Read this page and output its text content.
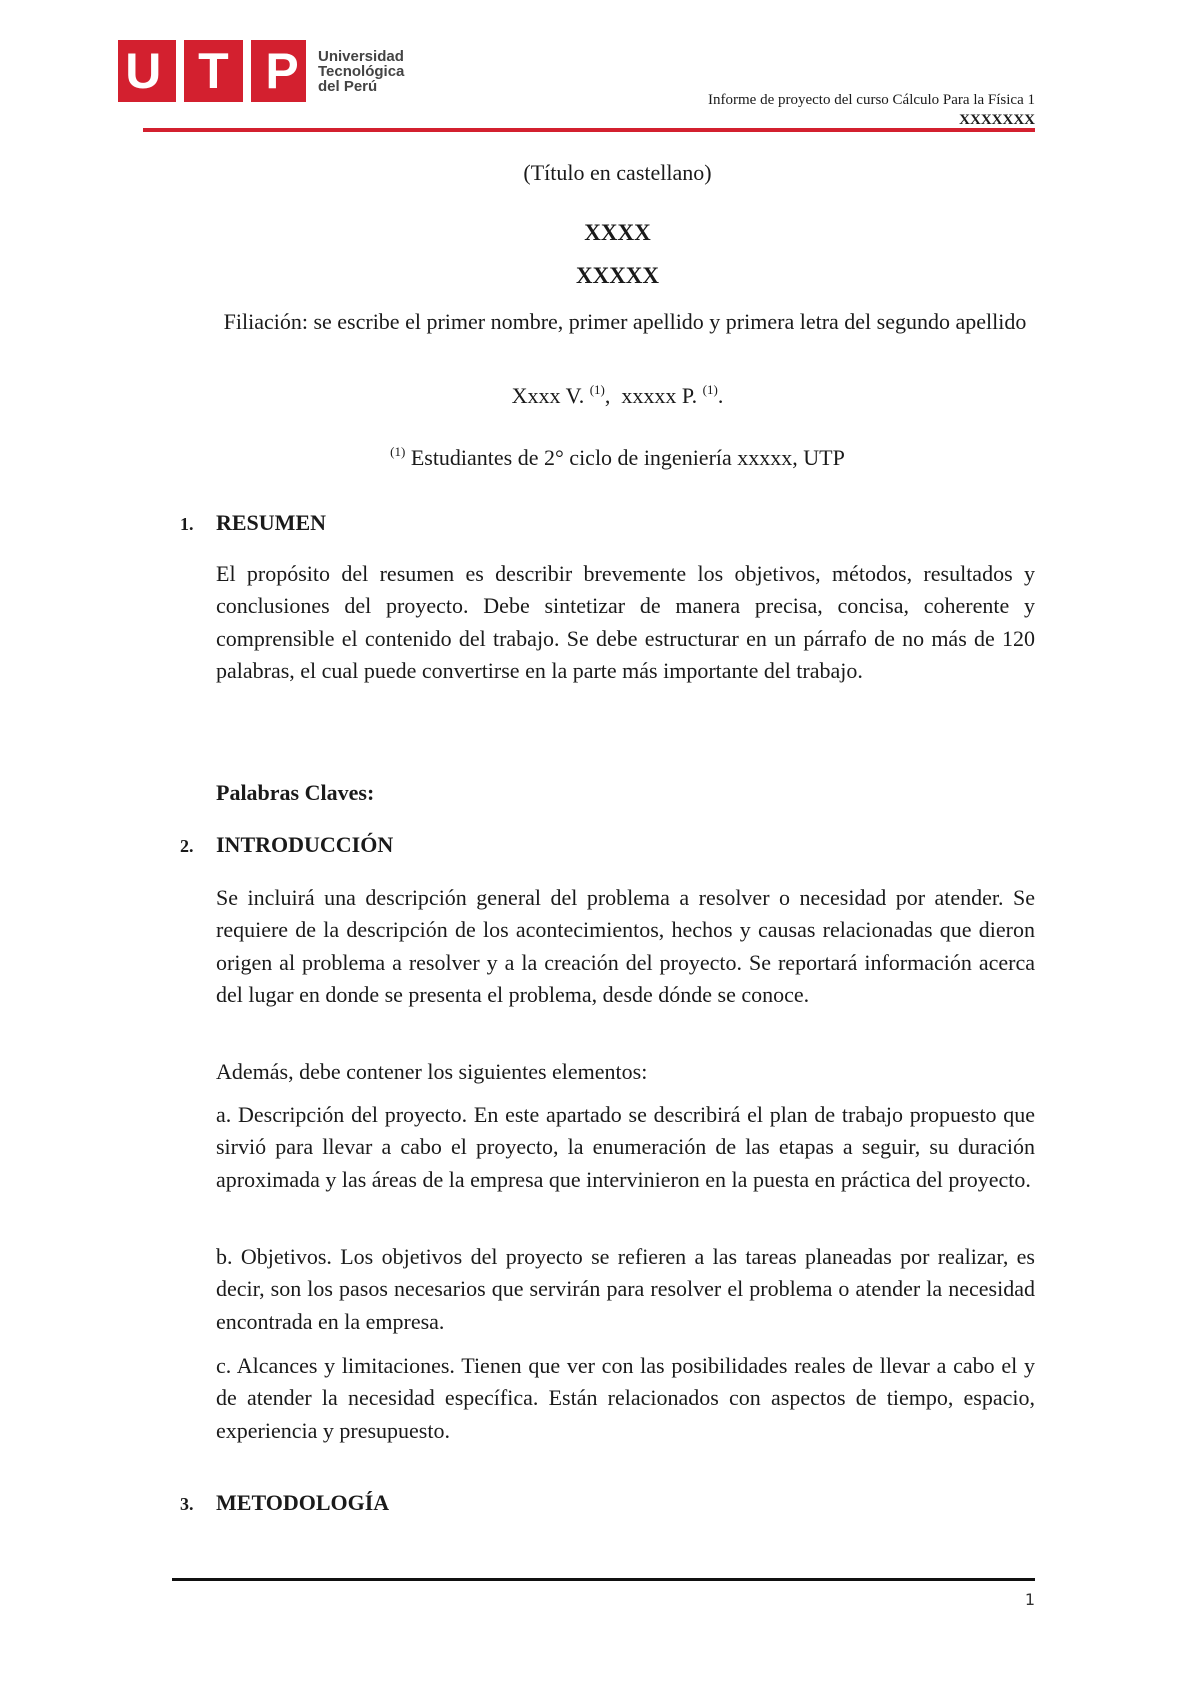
U T P Universidad
Tecnológica
del Perú
Informe de proyecto del curso Cálculo Para la Física 1
XXXXXXX
(Título en castellano)
XXXX
XXXXX
Filiación: se escribe el primer nombre, primer apellido y primera letra del segundo apellido
Xxxx V. $^{(1)}$,  xxxxx P. $^{(1)}$.
$^{(1)}$ Estudiantes de 2° ciclo de ingeniería xxxxx, UTP
1.	RESUMEN

El propósito del resumen es describir brevemente los objetivos, métodos, resultados y conclusiones del proyecto. Debe sintetizar de manera precisa, concisa, coherente y comprensible el contenido del trabajo. Se debe estructurar en un párrafo de no más de 120 palabras, el cual puede convertirse en la parte más importante del trabajo.

Palabras Claves:
2.	INTRODUCCIÓN

Se incluirá una descripción general del problema a resolver o necesidad por atender. Se requiere de la descripción de los acontecimientos, hechos y causas relacionadas que dieron origen al problema a resolver y a la creación del proyecto. Se reportará información acerca del lugar en donde se presenta el problema, desde dónde se conoce.

Además, debe contener los siguientes elementos:

a. Descripción del proyecto. En este apartado se describirá el plan de trabajo propuesto que sirvió para llevar a cabo el proyecto, la enumeración de las etapas a seguir, su duración aproximada y las áreas de la empresa que intervinieron en la puesta en práctica del proyecto.

b. Objetivos. Los objetivos del proyecto se refieren a las tareas planeadas por realizar, es decir, son los pasos necesarios que servirán para resolver el problema o atender la necesidad encontrada en la empresa.

c. Alcances y limitaciones. Tienen que ver con las posibilidades reales de llevar a cabo el y de atender la necesidad específica. Están relacionados con aspectos de tiempo, espacio, experiencia y presupuesto.

3.	METODOLOGÍA
1
